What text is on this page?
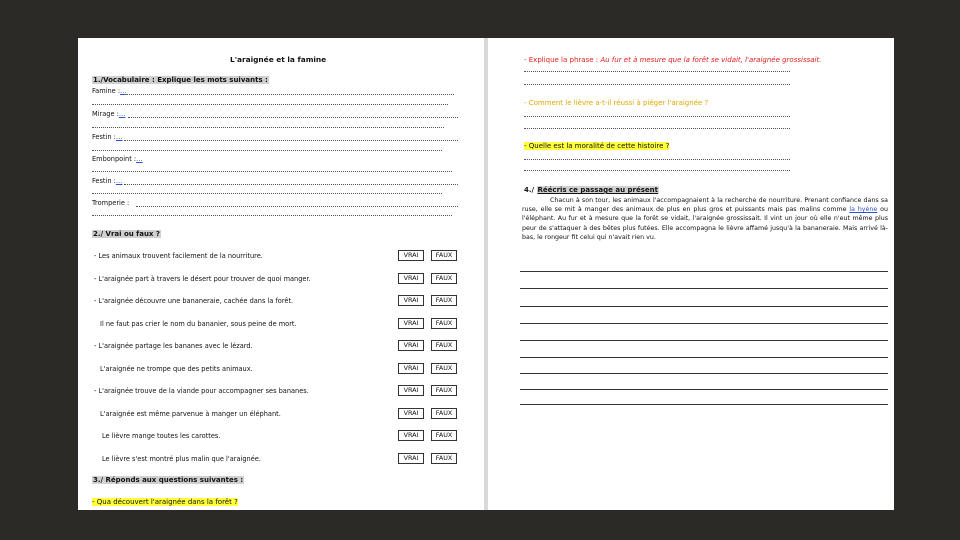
L'araignée et la famine
1./Vocabulaire : Explique les mots suivants :
Famine :…
Mirage :…
Festin :…
Embonpoint :…
Festin :…
Tromperie :
2./ Vrai ou faux ?
- Les animaux trouvent facilement de la nourriture.	VRAI	FAUX
- L'araignée part à travers le désert pour trouver de quoi manger.	VRAI	FAUX
- L'araignée découvre une bananeraie, cachée dans la forêt.	VRAI	FAUX
Il ne faut pas crier le nom du bananier, sous peine de mort.	VRAI	FAUX
- L'araignée partage les bananes avec le lézard.	VRAI	FAUX
L'araignée ne trompe que des petits animaux.	VRAI	FAUX
- L'araignée trouve de la viande pour accompagner ses bananes.	VRAI	FAUX
L'araignée est même parvenue à manger un éléphant.	VRAI	FAUX
Le lièvre mange toutes les carottes.	VRAI	FAUX
Le lièvre s'est montré plus malin que l'araignée.	VRAI	FAUX
3./ Réponds aux questions suivantes :
- Qua découvert l'araignée dans la forêt ?
- Explique la phrase : Au fur et à mesure que la forêt se vidait, l'araignée grossissait.
- Comment le lièvre a-t-il réussi à piéger l'araignée ?
- Quelle est la moralité de cette histoire ?
4./ Réécris ce passage au présent
Chacun à son tour, les animaux l'accompagnaient à la recherche de nourriture. Prenant confiance dans sa ruse, elle se mit à manger des animaux de plus en plus gros et puissants mais pas malins comme la hyène ou l'éléphant. Au fur et à mesure que la forêt se vidait, l'araignée grossissait. Il vint un jour où elle n'eut même plus peur de s'attaquer à des bêtes plus futées. Elle accompagna le lièvre affamé jusqu'à la bananeraie. Mais arrivé là-bas, le rongeur fit celui qui n'avait rien vu.
